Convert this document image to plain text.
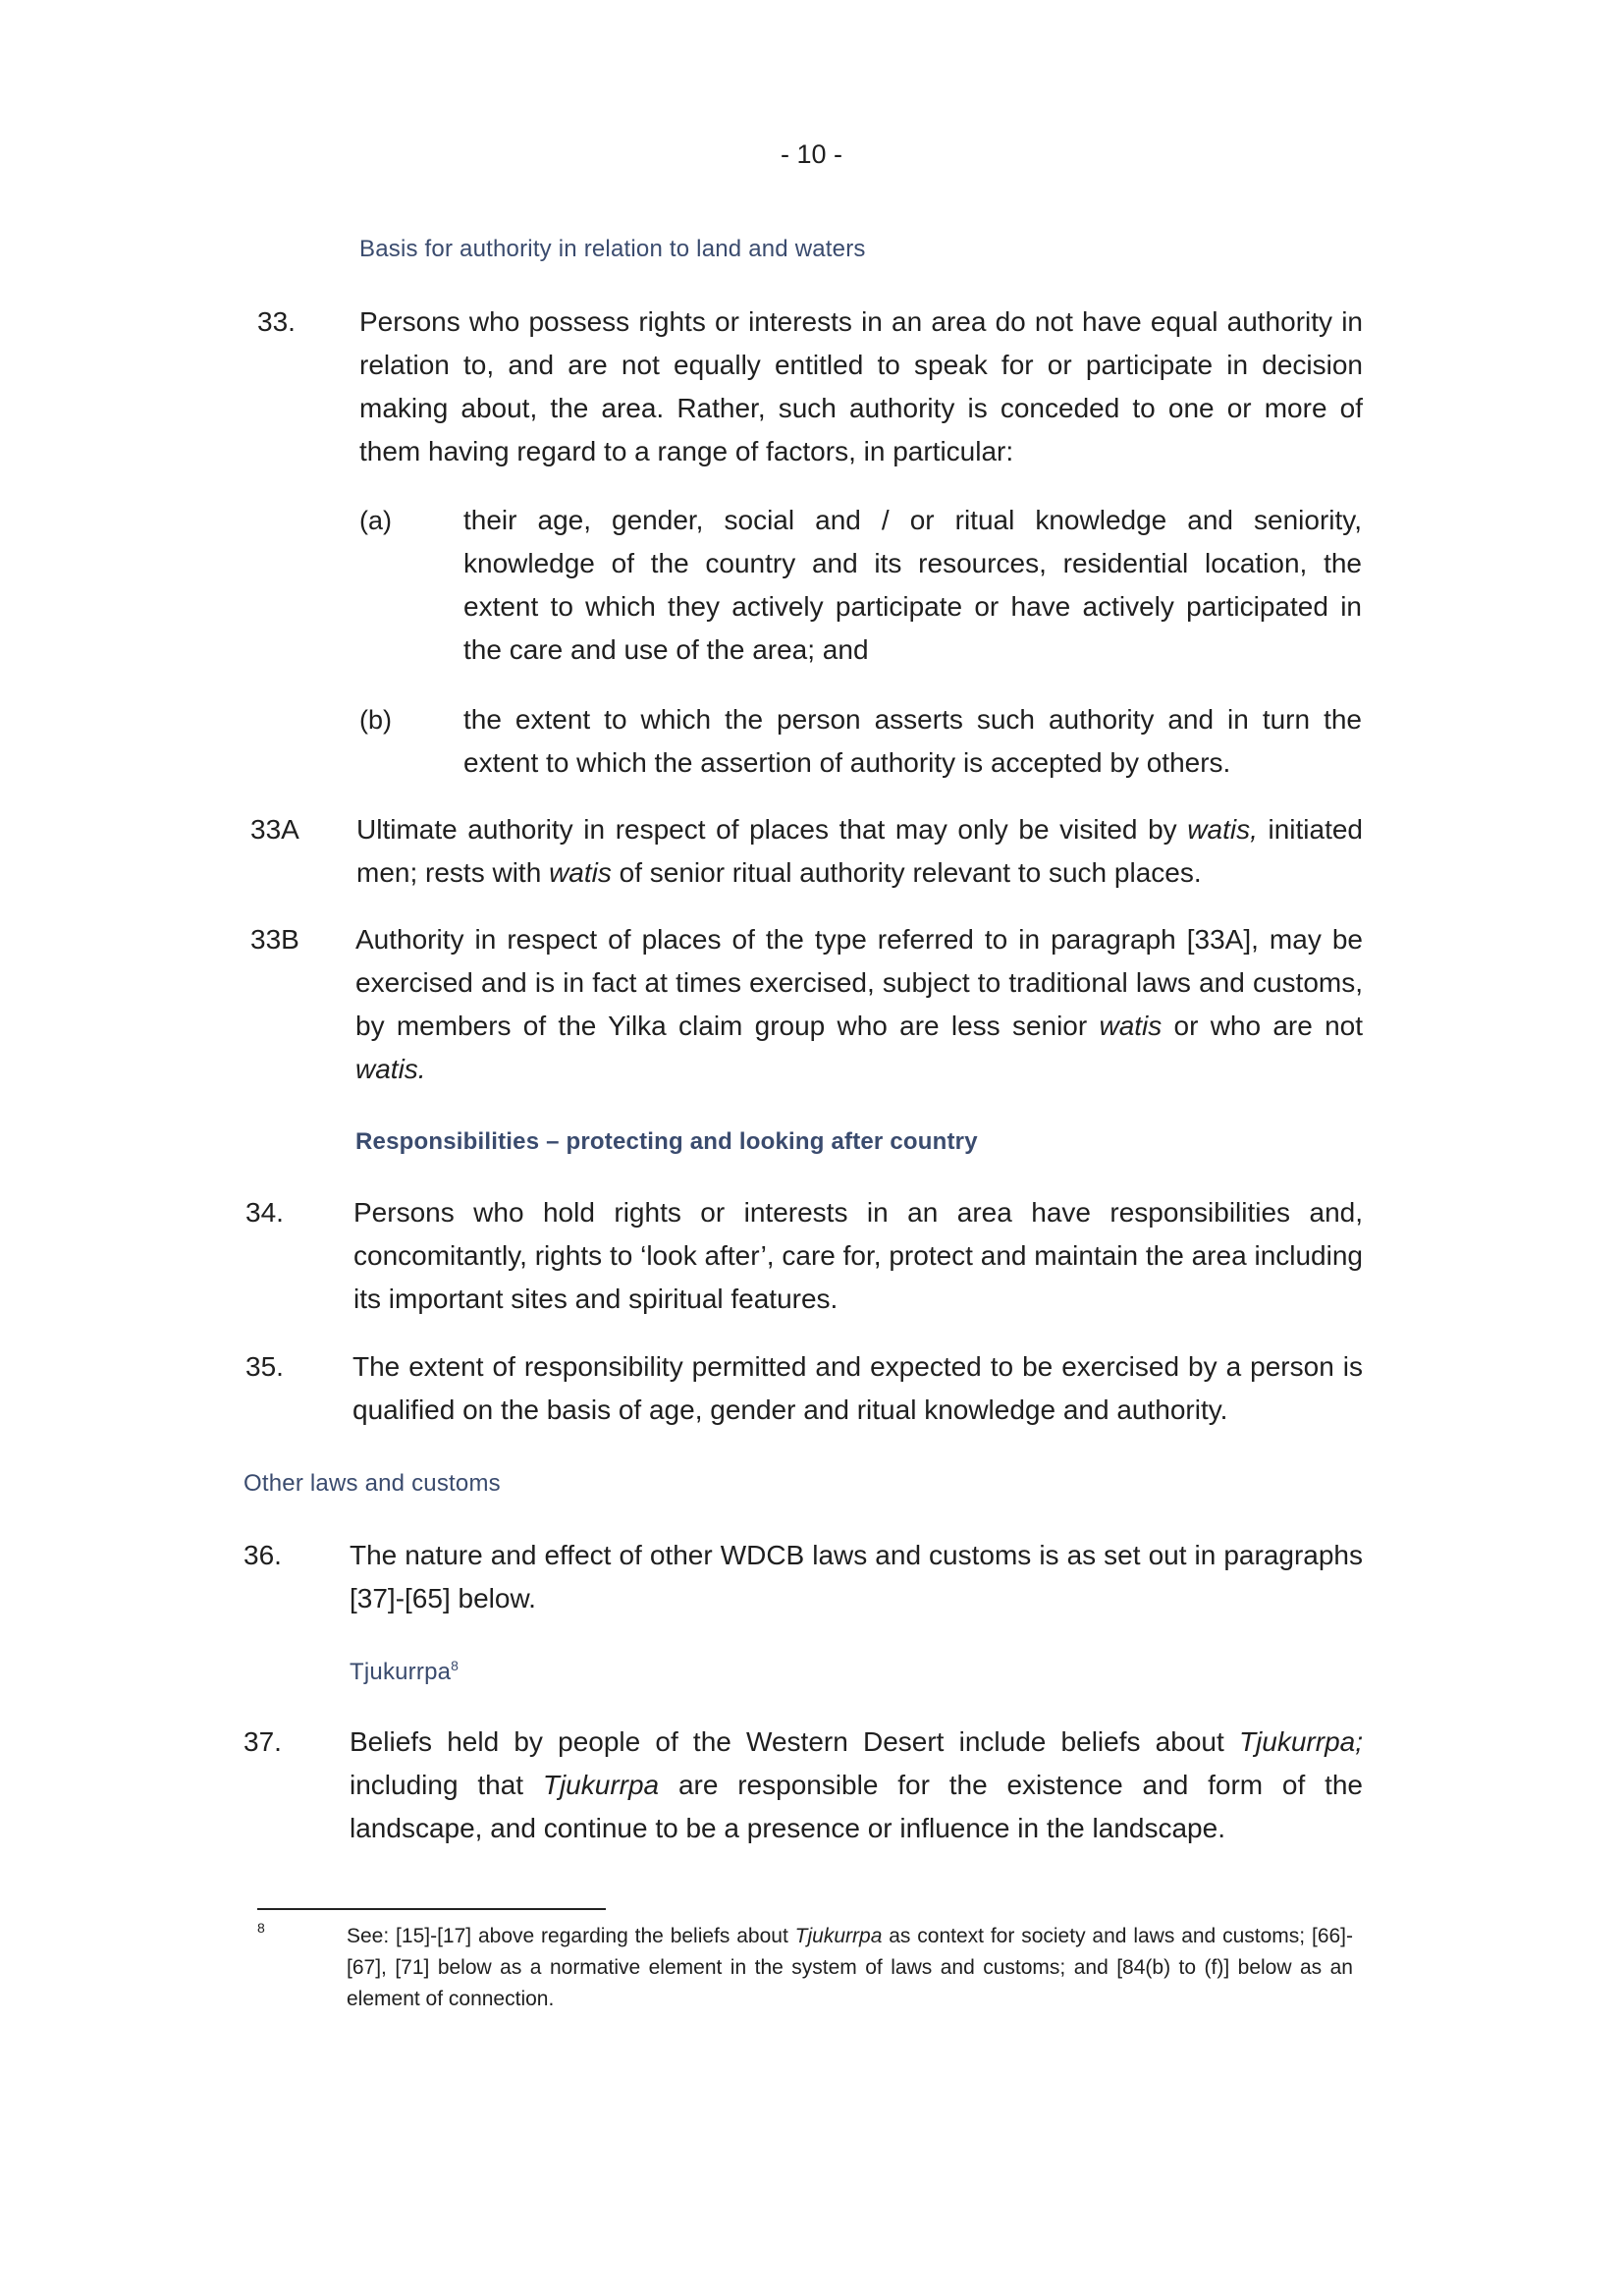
- 10 -
Basis for authority in relation to land and waters
33. Persons who possess rights or interests in an area do not have equal authority in relation to, and are not equally entitled to speak for or participate in decision making about, the area. Rather, such authority is conceded to one or more of them having regard to a range of factors, in particular:
(a)	their age, gender, social and / or ritual knowledge and seniority, knowledge of the country and its resources, residential location, the extent to which they actively participate or have actively participated in the care and use of the area; and
(b)	the extent to which the person asserts such authority and in turn the extent to which the assertion of authority is accepted by others.
33A Ultimate authority in respect of places that may only be visited by watis, initiated men; rests with watis of senior ritual authority relevant to such places.
33B Authority in respect of places of the type referred to in paragraph [33A], may be exercised and is in fact at times exercised, subject to traditional laws and customs, by members of the Yilka claim group who are less senior watis or who are not watis.
Responsibilities – protecting and looking after country
34.	Persons who hold rights or interests in an area have responsibilities and, concomitantly, rights to ‘look after’, care for, protect and maintain the area including its important sites and spiritual features.
35.	The extent of responsibility permitted and expected to be exercised by a person is qualified on the basis of age, gender and ritual knowledge and authority.
Other laws and customs
36. The nature and effect of other WDCB laws and customs is as set out in paragraphs [37]-[65] below.
Tjukurrpa$^8$
37. Beliefs held by people of the Western Desert include beliefs about Tjukurrpa; including that Tjukurrpa are responsible for the existence and form of the landscape, and continue to be a presence or influence in the landscape.
8	See: [15]-[17] above regarding the beliefs about Tjukurrpa as context for society and laws and customs; [66]-[67], [71] below as a normative element in the system of laws and customs; and [84(b) to (f)] below as an element of connection.
